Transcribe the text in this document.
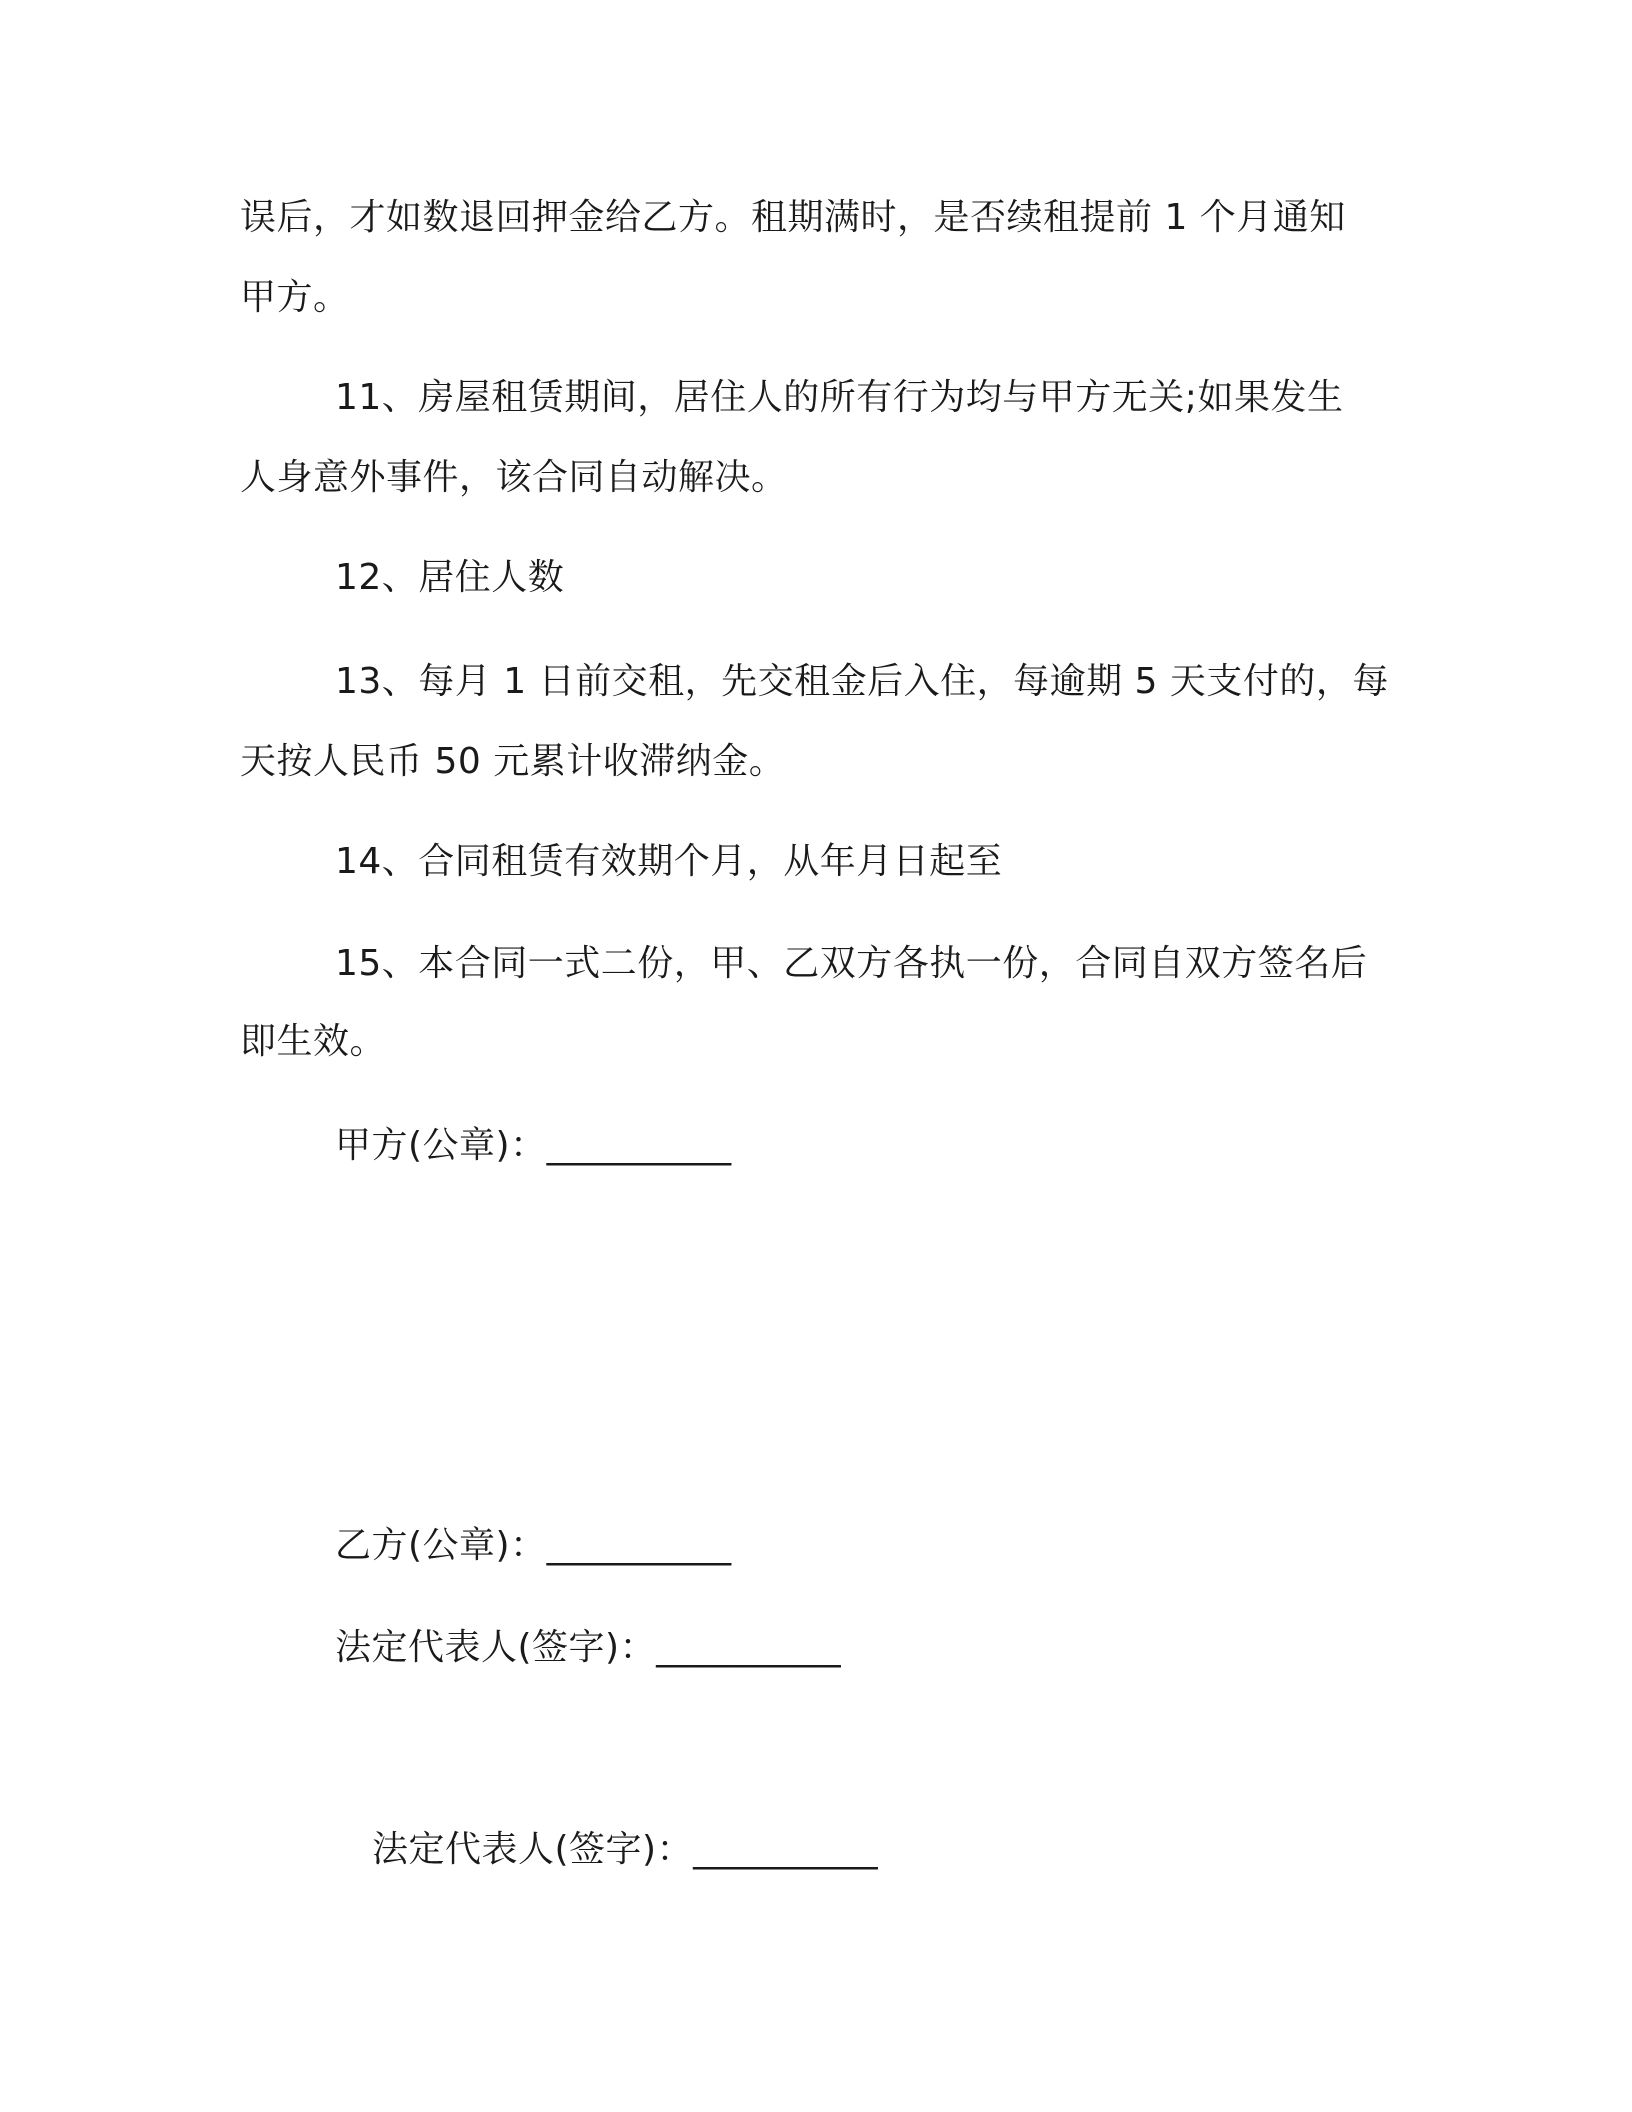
误后，才如数退回押金给乙方。租期满时，是否续租提前 1 个月通知
甲方。
11、房屋租赁期间，居住人的所有行为均与甲方无关;如果发生
人身意外事件，该合同自动解决。
12、居住人数
13、每月 1 日前交租，先交租金后入住，每逾期 5 天支付的，每
天按人民币 50 元累计收滞纳金。
14、合同租赁有效期个月，从年月日起至
15、本合同一式二份，甲、乙双方各执一份，合同自双方签名后
即生效。
甲方(公章)：__________
乙方(公章)：__________
法定代表人(签字)：__________
法定代表人(签字)：__________
